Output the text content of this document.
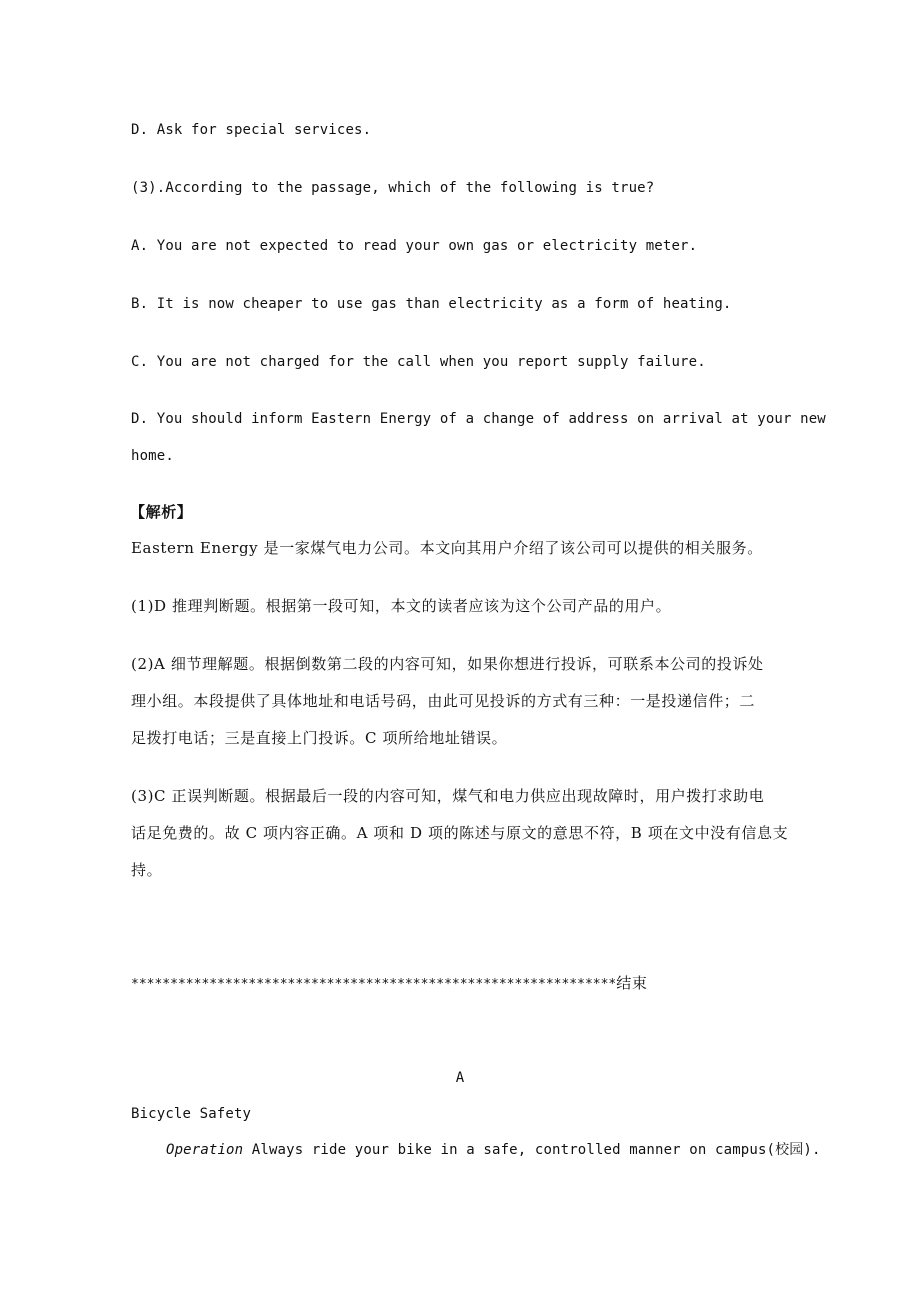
D. Ask for special services.
(3).According to the passage, which of the following is true?
A. You are not expected to read your own gas or electricity meter.
B. It is now cheaper to use gas than electricity as a form of heating.
C. You are not charged for the call when you report supply failure.
D. You should inform Eastern Energy of a change of address on arrival at your new
home.
【解析】
Eastern Energy 是一家煤气电力公司。本文向其用户介绍了该公司可以提供的相关服务。
(1)D 推理判断题。根据第一段可知，本文的读者应该为这个公司产品的用户。
(2)A 细节理解题。根据倒数第二段的内容可知，如果你想进行投诉，可联系本公司的投诉处
理小组。本段提供了具体地址和电话号码，由此可见投诉的方式有三种：一是投递信件；二
足拨打电话；三是直接上门投诉。C 项所给地址错误。
(3)C 正误判断题。根据最后一段的内容可知，煤气和电力供应出现故障时，用户拨打求助电
话足免费的。故 C 项内容正确。A 项和 D 项的陈述与原文的意思不符，B 项在文中没有信息支
持。
**************************************************************结束
A
Bicycle Safety
Operation Always ride your bike in a safe, controlled manner on campus(校园).
